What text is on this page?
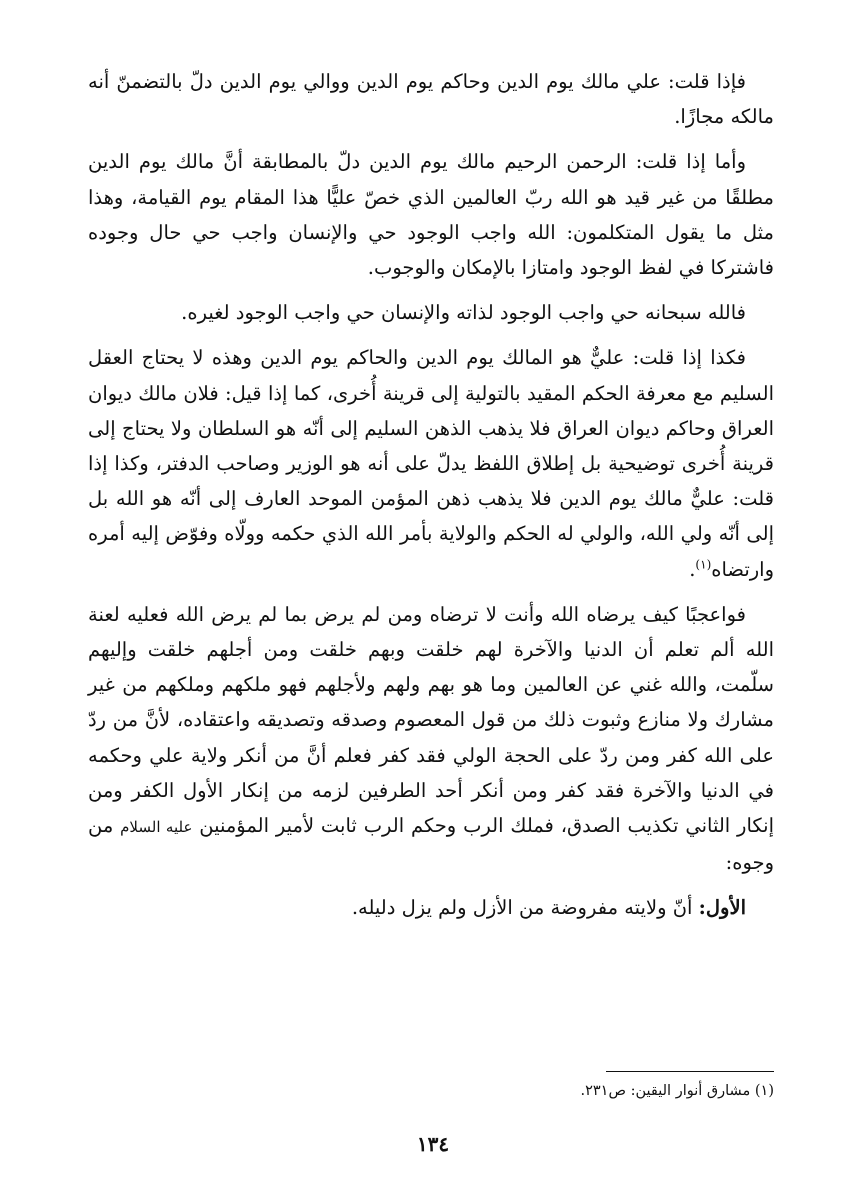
فإذا قلت: علي مالك يوم الدين وحاكم يوم الدين ووالي يوم الدين دلّ بالتضمنّ أنه مالكه مجازًا.

وأما إذا قلت: الرحمن الرحيم مالك يوم الدين دلّ بالمطابقة أنَّ مالك يوم الدين مطلقًا من غير قيد هو الله ربّ العالمين الذي خصّ عليًّا هذا المقام يوم القيامة، وهذا مثل ما يقول المتكلمون: الله واجب الوجود حي والإنسان واجب حي حال وجوده فاشتركا في لفظ الوجود وامتازا بالإمكان والوجوب.

فالله سبحانه حي واجب الوجود لذاته والإنسان حي واجب الوجود لغيره.

فكذا إذا قلت: عليٌّ هو المالك يوم الدين والحاكم يوم الدين وهذه لا يحتاج العقل السليم مع معرفة الحكم المقيد بالتولية إلى قرينة أُخرى، كما إذا قيل: فلان مالك ديوان العراق وحاكم ديوان العراق فلا يذهب الذهن السليم إلى أنّه هو السلطان ولا يحتاج إلى قرينة أُخرى توضيحية بل إطلاق اللفظ يدلّ على أنه هو الوزير وصاحب الدفتر، وكذا إذا قلت: عليٌّ مالك يوم الدين فلا يذهب ذهن المؤمن الموحد العارف إلى أنّه هو الله بل إلى أنّه ولي الله، والولي له الحكم والولاية بأمر الله الذي حكمه وولّاه وفوّض إليه أمره وارتضاه$^{(١)}$.

فواعجبًا كيف يرضاه الله وأنت لا ترضاه ومن لم يرض بما لم يرض الله فعليه لعنة الله ألم تعلم أن الدنيا والآخرة لهم خلقت وبهم خلقت ومن أجلهم خلقت وإليهم سلّمت، والله غني عن العالمين وما هو بهم ولهم ولأجلهم فهو ملكهم وملكهم من غير مشارك ولا منازع وثبوت ذلك من قول المعصوم وصدقه وتصديقه واعتقاده، لأنَّ من ردّ على الله كفر ومن ردّ على الحجة الولي فقد كفر فعلم أنَّ من أنكر ولاية علي وحكمه في الدنيا والآخرة فقد كفر ومن أنكر أحد الطرفين لزمه من إنكار الأول الكفر ومن إنكار الثاني تكذيب الصدق، فملك الرب وحكم الرب ثابت لأمير المؤمنين عليه السلام من وجوه:

الأول: أنّ ولايته مفروضة من الأزل ولم يزل دليله.

(١) مشارق أنوار اليقين: ص٢٣١.
١٣٤
